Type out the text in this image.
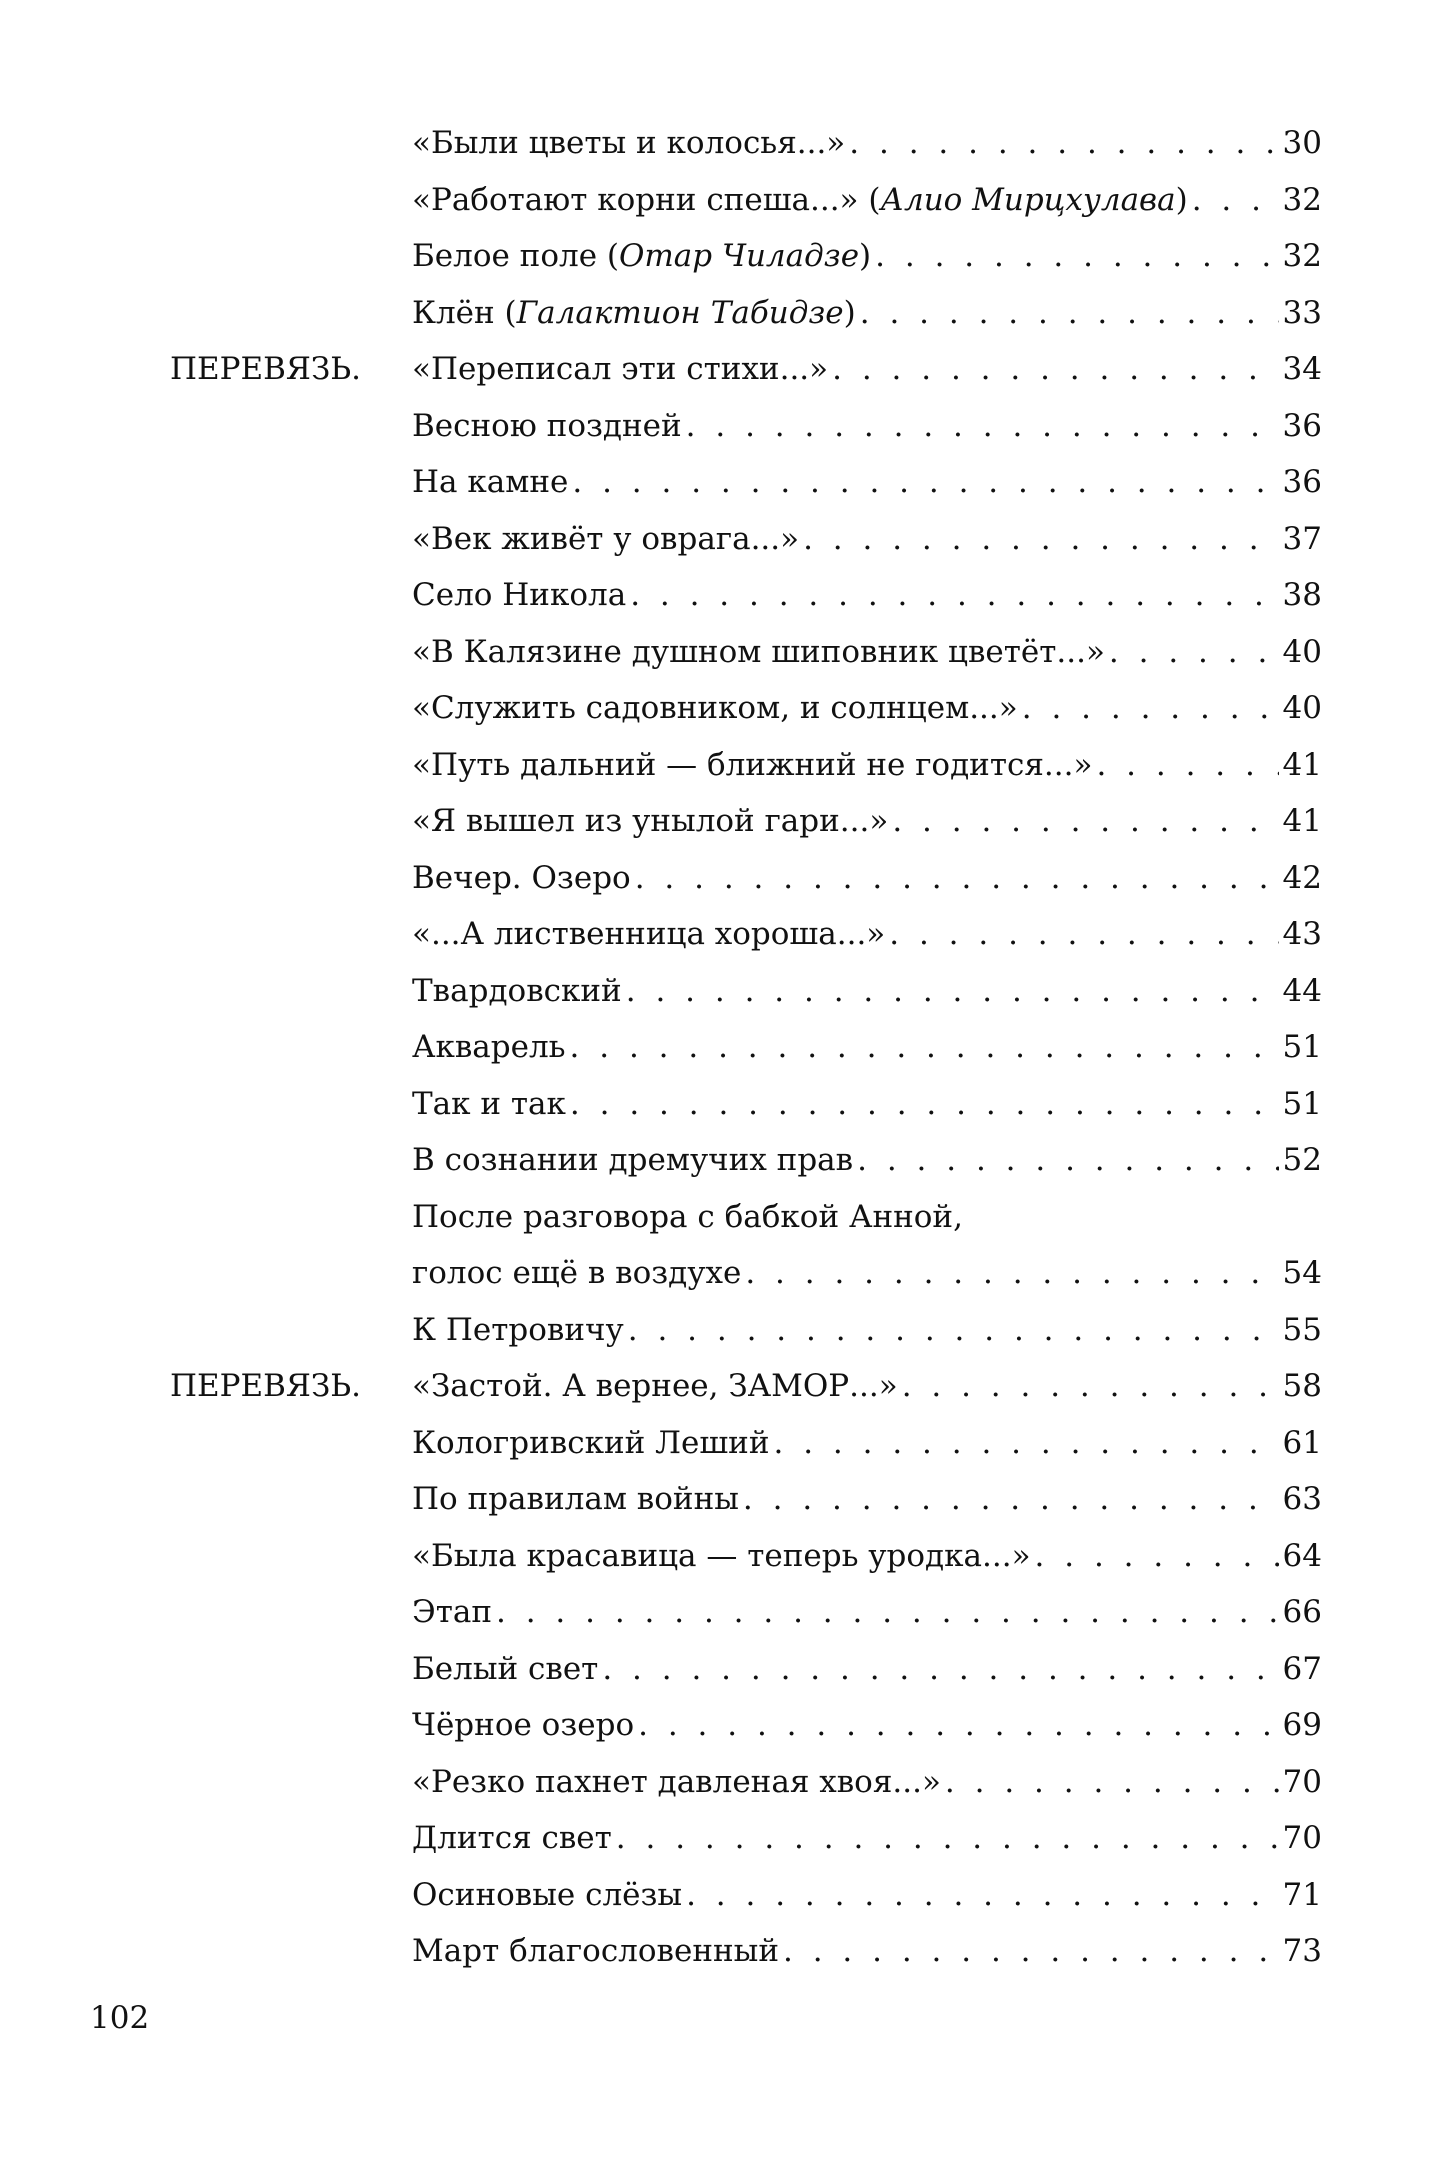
«Были цветы и колосья...» . . .	30
«Работают корни спеша...» (Алио Мирцхулава) . . .	32
Белое поле (Отар Чиладзе) . . .	32
Клён (Галактион Табидзе) . . .	33
ПЕРЕВЯЗЬ. «Переписал эти стихи...» . . .	34
Весною поздней . . .	36
На камне . . .	36
«Век живёт у оврага...» . . .	37
Село Никола . . .	38
«В Калязине душном шиповник цветёт...» . . .	40
«Служить садовником, и солнцем...» . . .	40
«Путь дальний — ближний не годится...» . . .	41
«Я вышел из унылой гари...» . . .	41
Вечер. Озеро . . .	42
«...А лиственница хороша...» . . .	43
Твардовский . . .	44
Акварель . . .	51
Так и так . . .	51
В сознании дремучих прав . . .	52
После разговора с бабкой Анной,
голос ещё в воздухе . . .	54
К Петровичу . . .	55
ПЕРЕВЯЗЬ. «Застой. А вернее, ЗАМОР...» . . .	58
Кологривский Леший . . .	61
По правилам войны . . .	63
«Была красавица — теперь уродка...» . . .	64
Этап . . .	66
Белый свет . . .	67
Чёрное озеро . . .	69
«Резко пахнет давленая хвоя...» . . .	70
Длится свет . . .	70
Осиновые слёзы . . .	71
Март благословенный . . .	73
102
